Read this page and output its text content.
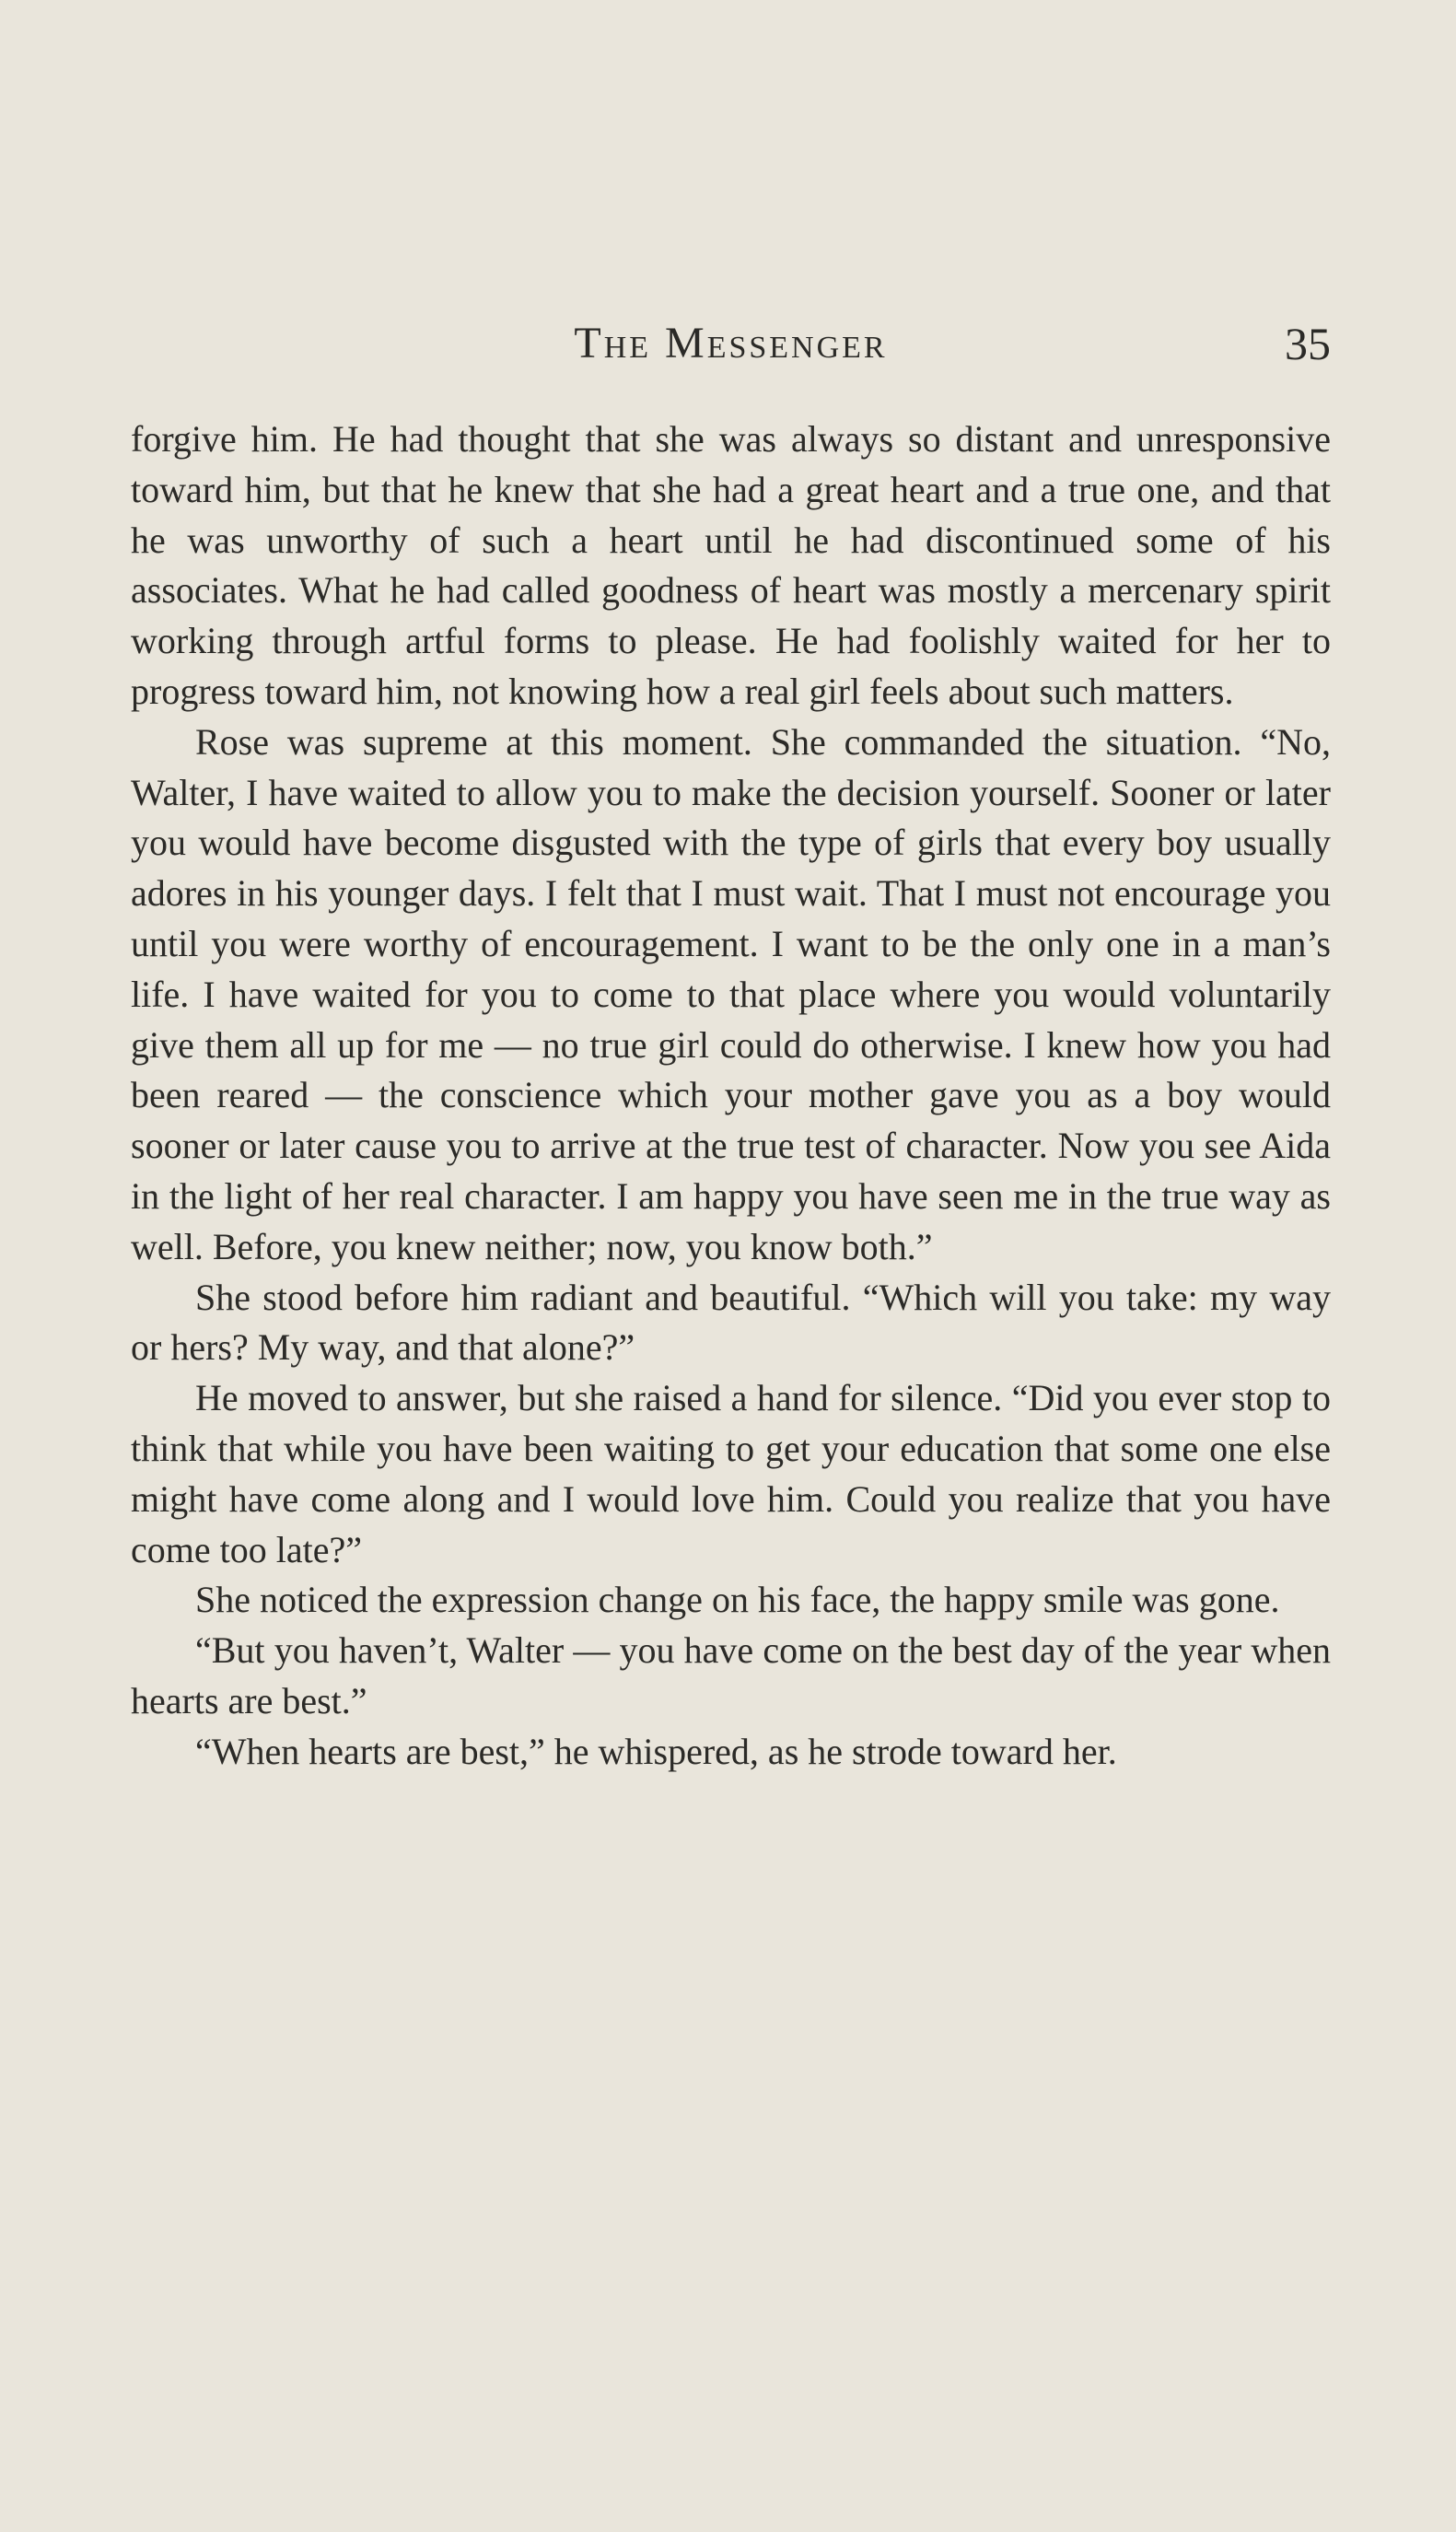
The Messenger	35

forgive him. He had thought that she was always so distant and unresponsive toward him, but that he knew that she had a great heart and a true one, and that he was unworthy of such a heart until he had discontinued some of his associates. What he had called goodness of heart was mostly a mercenary spirit working through artful forms to please. He had foolishly waited for her to progress toward him, not knowing how a real girl feels about such matters.

Rose was supreme at this moment. She commanded the situation. “No, Walter, I have waited to allow you to make the decision yourself. Sooner or later you would have become disgusted with the type of girls that every boy usually adores in his younger days. I felt that I must wait. That I must not encourage you until you were worthy of encouragement. I want to be the only one in a man’s life. I have waited for you to come to that place where you would voluntarily give them all up for me — no true girl could do otherwise. I knew how you had been reared — the conscience which your mother gave you as a boy would sooner or later cause you to arrive at the true test of character. Now you see Aida in the light of her real character. I am happy you have seen me in the true way as well. Before, you knew neither; now, you know both.”

She stood before him radiant and beautiful. “Which will you take: my way or hers? My way, and that alone?”

He moved to answer, but she raised a hand for silence. “Did you ever stop to think that while you have been waiting to get your education that some one else might have come along and I would love him. Could you realize that you have come too late?”

She noticed the expression change on his face, the happy smile was gone.

“But you haven’t, Walter — you have come on the best day of the year when hearts are best.”

“When hearts are best,” he whispered, as he strode toward her.
